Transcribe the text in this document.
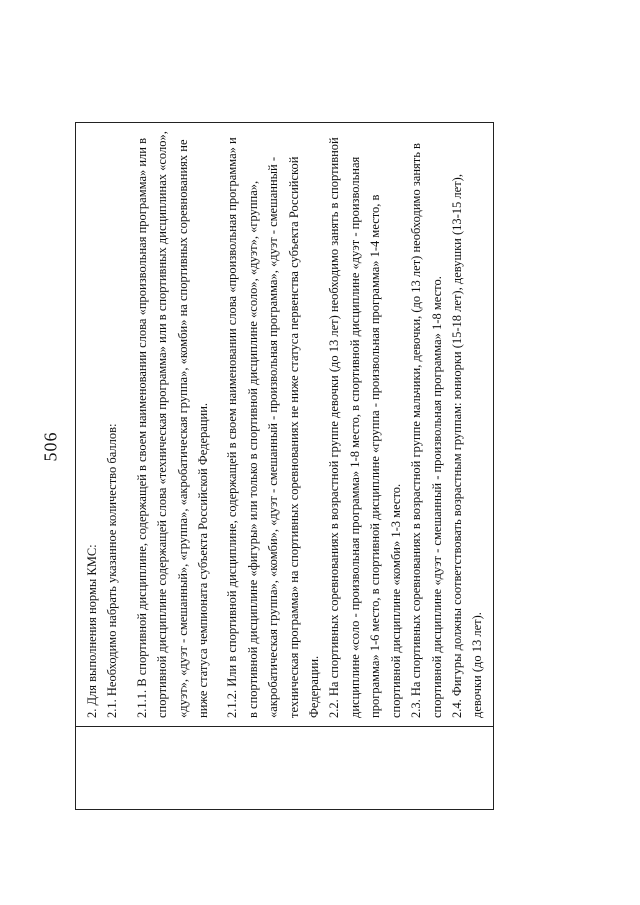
506

2. Для выполнения нормы КМС: 2.1. Необходимо набрать указанное количество баллов: 2.1.1. В спортивной дисциплине, содержащей в своем наименовании слова «произвольная программа» или в спортивной дисциплине содержащей слова «техническая программа» или в спортивных дисциплинах «соло», «дуэт», «дуэт - смешанный», «группа», «акробатическая группа», «комби» на спортивных соревнованиях не ниже статуса чемпионата субъекта Российской Федерации. 2.1.2. Или в спортивной дисциплине, содержащей в своем наименовании слова «произвольная программа» и в спортивной дисциплине «фигуры» или только в спортивной дисциплине «соло», «дуэт», «группа», «акробатическая группа», «комби», «дуэт - смешанный - произвольная программа», «дуэт - смешанный - техническая программа» на спортивных соревнованиях не ниже статуса первенства субъекта Российской Федерации. 2.2. На спортивных соревнованиях в возрастной группе девочки (до 13 лет) необходимо занять в спортивной дисциплине «соло - произвольная программа» 1-8 место, в спортивной дисциплине «дуэт - произвольная программа» 1-6 место, в спортивной дисциплине «группа - произвольная программа» 1-4 место, в спортивной дисциплине «комби» 1-3 место. 2.3. На спортивных соревнованиях в возрастной группе мальчики, девочки, (до 13 лет) необходимо занять в спортивной дисциплине «дуэт - смешанный - произвольная программа» 1-8 место. 2.4. Фигуры должны соответствовать возрастным группам: юниорки (15-18 лет), девушки (13-15 лет), девочки (до 13 лет).
